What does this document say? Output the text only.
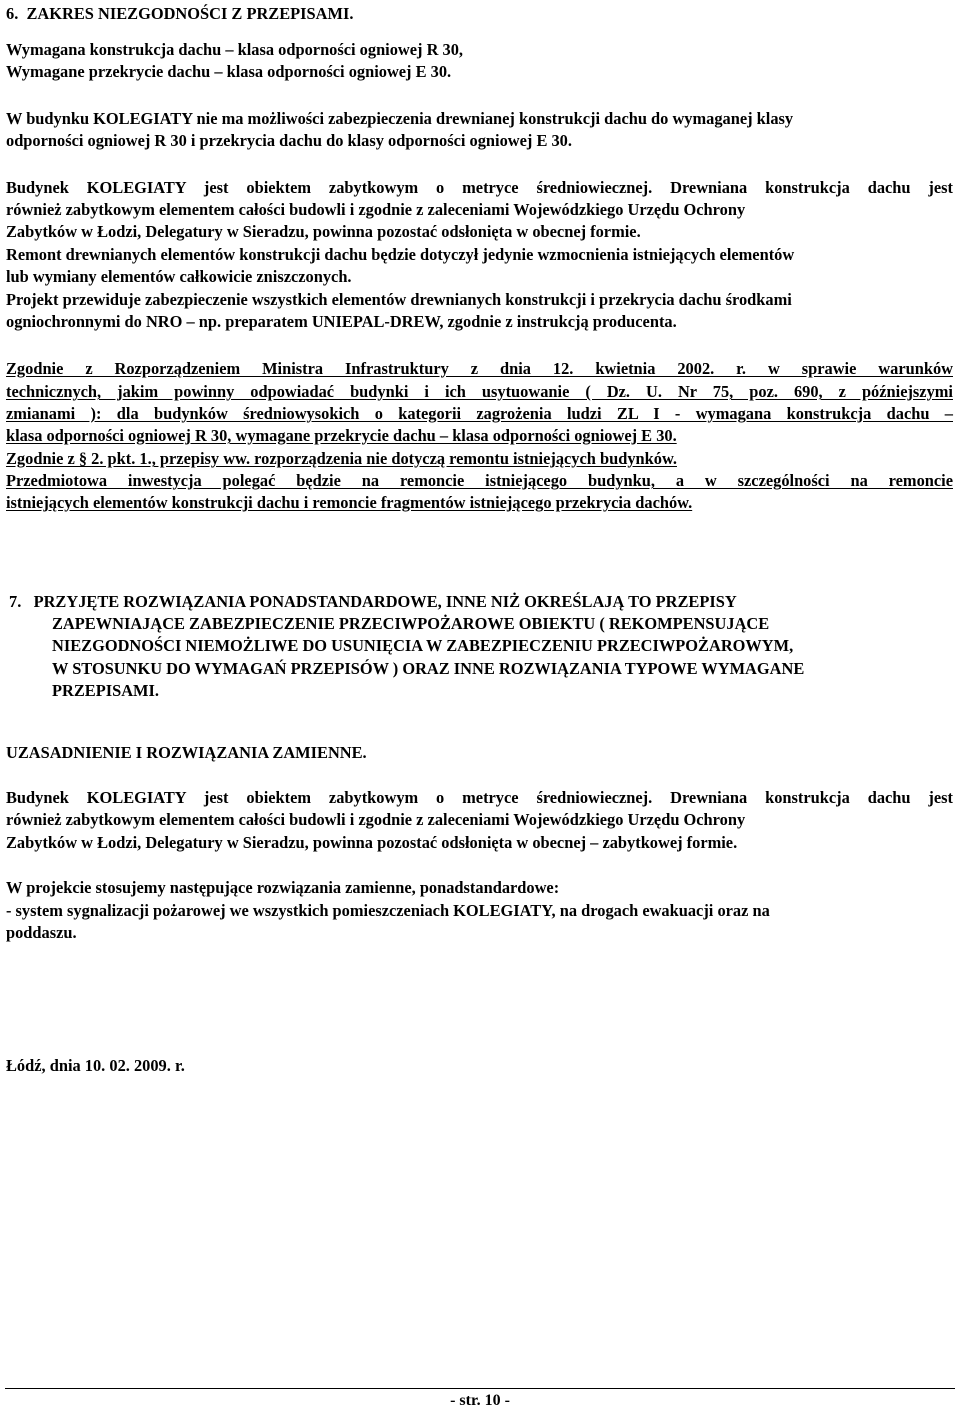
6.  ZAKRES NIEZGODNOŚCI Z PRZEPISAMI.
Wymagana konstrukcja dachu – klasa odporności ogniowej R 30,
Wymagane przekrycie dachu – klasa odporności ogniowej E 30.
W budynku KOLEGIATY nie ma możliwości zabezpieczenia drewnianej konstrukcji dachu do wymaganej klasy
odporności ogniowej R 30 i przekrycia dachu do klasy odporności ogniowej E 30.
Budynek KOLEGIATY jest obiektem zabytkowym o metryce średniowiecznej. Drewniana konstrukcja dachu jest
również zabytkowym elementem całości budowli i zgodnie z zaleceniami Wojewódzkiego Urzędu Ochrony
Zabytków w Łodzi, Delegatury w Sieradzu, powinna pozostać odsłonięta w obecnej formie.
Remont drewnianych elementów konstrukcji dachu będzie dotyczył jedynie wzmocnienia istniejących elementów
lub wymiany elementów całkowicie zniszczonych.
Projekt przewiduje zabezpieczenie wszystkich elementów drewnianych konstrukcji i przekrycia dachu środkami
ogniochronnymi do NRO – np. preparatem UNIEPAL-DREW, zgodnie z instrukcją producenta.
Zgodnie z Rozporządzeniem Ministra Infrastruktury z dnia 12. kwietnia 2002. r. w sprawie warunków
technicznych, jakim powinny odpowiadać budynki i ich usytuowanie ( Dz. U. Nr 75, poz. 690, z późniejszymi
zmianami ): dla budynków średniowysokich o kategorii zagrożenia ludzi ZL I - wymagana konstrukcja dachu –
klasa odporności ogniowej R 30, wymagane przekrycie dachu – klasa odporności ogniowej E 30.
Zgodnie z § 2. pkt. 1., przepisy ww. rozporządzenia nie dotyczą remontu istniejących budynków.
Przedmiotowa inwestycja polegać będzie na remoncie istniejącego budynku, a w szczególności na remoncie
istniejących elementów konstrukcji dachu i remoncie fragmentów istniejącego przekrycia dachów.
7.   PRZYJĘTE ROZWIĄZANIA PONADSTANDARDOWE, INNE NIŻ OKREŚLAJĄ TO PRZEPISY
ZAPEWNIAJĄCE ZABEZPIECZENIE PRZECIWPOŻAROWE OBIEKTU ( REKOMPENSUJĄCE
NIEZGODNOŚCI NIEMOŻLIWE DO USUNIĘCIA W ZABEZPIECZENIU PRZECIWPOŻAROWYM,
W STOSUNKU DO WYMAGAŃ PRZEPISÓW ) ORAZ INNE ROZWIĄZANIA TYPOWE WYMAGANE
PRZEPISAMI.
UZASADNIENIE I ROZWIĄZANIA ZAMIENNE.
Budynek KOLEGIATY jest obiektem zabytkowym o metryce średniowiecznej. Drewniana konstrukcja dachu jest
również zabytkowym elementem całości budowli i zgodnie z zaleceniami Wojewódzkiego Urzędu Ochrony
Zabytków w Łodzi, Delegatury w Sieradzu, powinna pozostać odsłonięta w obecnej – zabytkowej formie.
W projekcie stosujemy następujące rozwiązania zamienne, ponadstandardowe:
- system sygnalizacji pożarowej we wszystkich pomieszczeniach KOLEGIATY, na drogach ewakuacji oraz na
poddaszu.
Łódź, dnia 10. 02. 2009. r.
- str. 10 -
